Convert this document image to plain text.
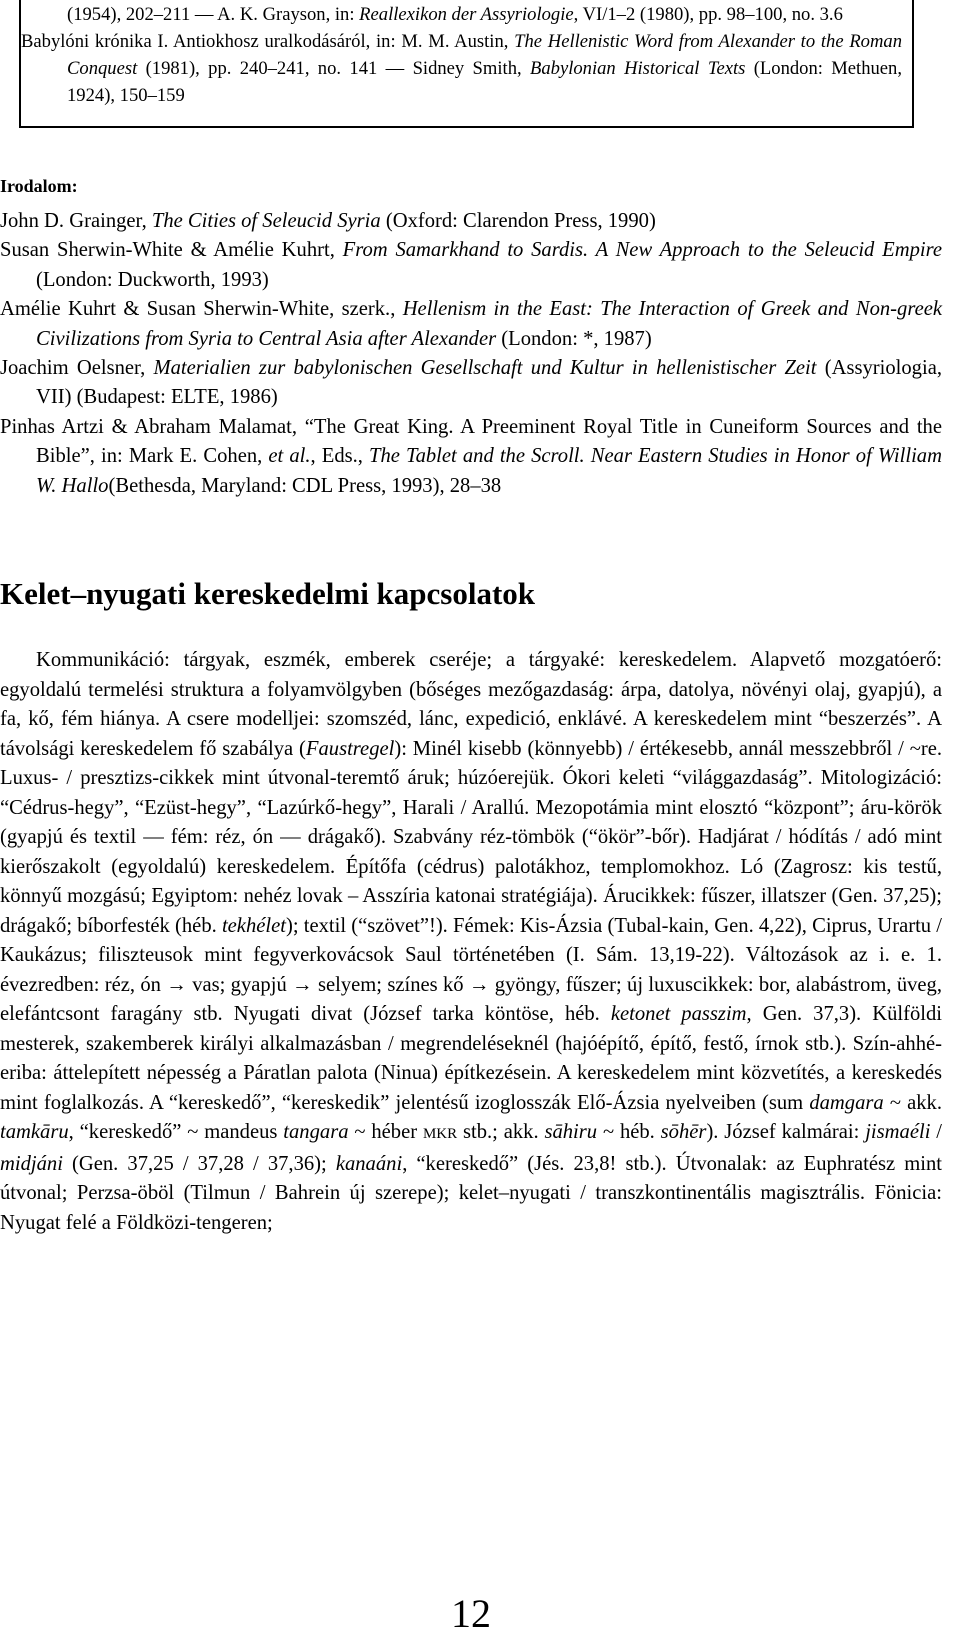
(1954), 202–211 — A. K. Grayson, in: Reallexikon der Assyriologie, VI/1–2 (1980), pp. 98–100, no. 3.6

Babylóni krónika I. Antiokhosz uralkodásáról, in: M. M. Austin, The Hellenistic Word from Alexander to the Roman Conquest (1981), pp. 240–241, no. 141 — Sidney Smith, Babylonian Historical Texts (London: Methuen, 1924), 150–159

Irodalom:

John D. Grainger, The Cities of Seleucid Syria (Oxford: Clarendon Press, 1990)

Susan Sherwin-White & Amélie Kuhrt, From Samarkhand to Sardis. A New Approach to the Seleucid Empire (London: Duckworth, 1993)

Amélie Kuhrt & Susan Sherwin-White, szerk., Hellenism in the East: The Interaction of Greek and Non-greek Civilizations from Syria to Central Asia after Alexander (London: *, 1987)

Joachim Oelsner, Materialien zur babylonischen Gesellschaft und Kultur in hellenistischer Zeit (Assyriologia, VII) (Budapest: ELTE, 1986)

Pinhas Artzi & Abraham Malamat, “The Great King. A Preeminent Royal Title in Cuneiform Sources and the Bible”, in: Mark E. Cohen, et al., Eds., The Tablet and the Scroll. Near Eastern Studies in Honor of William W. Hallo(Bethesda, Maryland: CDL Press, 1993), 28–38

Kelet–nyugati kereskedelmi kapcsolatok

Kommunikáció: tárgyak, eszmék, emberek cseréje; a tárgyaké: kereskedelem. Alapvető mozgatóerő: egyoldalú termelési struktura a folyamvölgyben (bőséges mezőgazdaság: árpa, datolya, növényi olaj, gyapjú), a fa, kő, fém hiánya. A csere modelljei: szomszéd, lánc, expedició, enklávé. A kereskedelem mint “beszerzés”. A távolsági kereskedelem fő szabálya (Faustregel): Minél kisebb (könnyebb) / értékesebb, annál messzebbről / ~re. Luxus- / presztizs-cikkek mint útvonal-teremtő áruk; húzóerejük. Ókori keleti “világgazdaság”. Mitologizáció: “Cédrus-hegy”, “Ezüst-hegy”, “Lazúrkő-hegy”, Harali / Arallú. Mezopotámia mint elosztó “központ”; áru-körök (gyapjú és textil — fém: réz, ón — drágakő). Szabvány réz-tömbök (“ökör”-bőr). Hadjárat / hódítás / adó mint kierőszakolt (egyoldalú) kereskedelem. Építőfa (cédrus) palotákhoz, templomokhoz. Ló (Zagrosz: kis testű, könnyű mozgású; Egyiptom: nehéz lovak – Asszíria katonai stratégiája). Árucikkek: fűszer, illatszer (Gen. 37,25); drágakő; bíborfesték (héb. tekhélet); textil (“szövet”!). Fémek: Kis-Ázsia (Tubal-kain, Gen. 4,22), Ciprus, Urartu / Kaukázus; filiszteusok mint fegyverkovácsok Saul történetében (I. Sám. 13,19-22). Változások az i. e. 1. évezredben: réz, ón → vas; gyapjú → selyem; színes kő → gyöngy, fűszer; új luxuscikkek: bor, alabástrom, üveg, elefántcsont faragány stb. Nyugati divat (József tarka köntöse, héb. ketonet passzim, Gen. 37,3). Külföldi mesterek, szakemberek királyi alkalmazásban / megrendeléseknél (hajóépítő, építő, festő, írnok stb.). Szín-ahhé-eriba: áttelepített népesség a Páratlan palota (Ninua) építkezésein. A kereskedelem mint közvetítés, a kereskedés mint foglalkozás. A “kereskedő”, “kereskedik” jelentésű izoglosszák Elő-Ázsia nyelveiben (sum damgara ~ akk. tamkāru, “kereskedő” ~ mandeus tangara ~ héber MKR stb.; akk. sāhiru ~ héb. sōhēr). József kalmárai: jismaéli / midjáni (Gen. 37,25 / 37,28 / 37,36); kanaáni, “kereskedő” (Jés. 23,8! stb.). Útvonalak: az Euphratész mint útvonal; Perzsa-öböl (Tilmun / Bahrein új szerepe); kelet–nyugati / transzkontinentális magisztrális. Fönicia: Nyugat felé a Földközi-tengeren;

12
